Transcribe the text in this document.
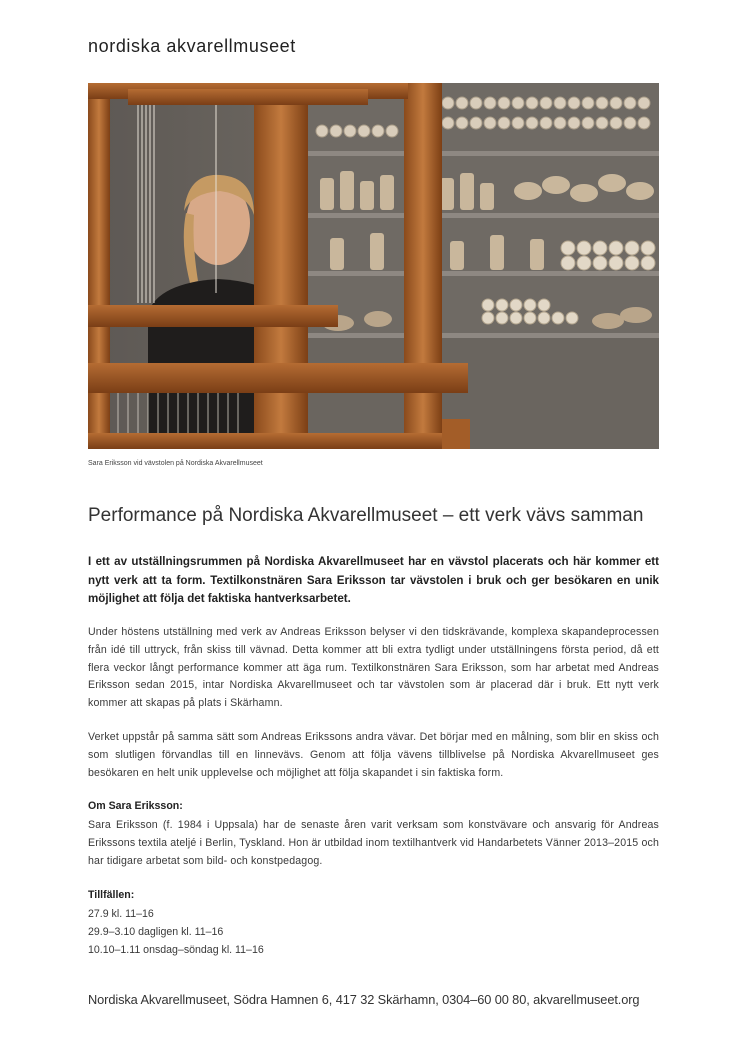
nordiska akvarellmuseet
Sara Eriksson vid vävstolen på Nordiska Akvarellmuseet
Performance på Nordiska Akvarellmuseet – ett verk vävs samman

I ett av utställningsrummen på Nordiska Akvarellmuseet har en vävstol placerats och här kommer ett nytt verk att ta form. Textilkonstnären Sara Eriksson tar vävstolen i bruk och ger besökaren en unik möjlighet att följa det faktiska hantverksarbetet.

Under höstens utställning med verk av Andreas Eriksson belyser vi den tidskrävande, komplexa skapandeprocessen från idé till uttryck, från skiss till vävnad. Detta kommer att bli extra tydligt under utställningens första period, då ett flera veckor långt performance kommer att äga rum. Textilkonstnären Sara Eriksson, som har arbetat med Andreas Eriksson sedan 2015, intar Nordiska Akvarellmuseet och tar vävstolen som är placerad där i bruk. Ett nytt verk kommer att skapas på plats i Skärhamn.

Verket uppstår på samma sätt som Andreas Erikssons andra vävar. Det börjar med en målning, som blir en skiss och som slutligen förvandlas till en linnevävs. Genom att följa vävens tillblivelse på Nordiska Akvarellmuseet ges besökaren en helt unik upplevelse och möjlighet att följa skapandet i sin faktiska form.

Om Sara Eriksson:

Sara Eriksson (f. 1984 i Uppsala) har de senaste åren varit verksam som konstvävare och ansvarig för Andreas Erikssons textila ateljé i Berlin, Tyskland. Hon är utbildad inom textilhantverk vid Handarbetets Vänner 2013–2015 och har tidigare arbetat som bild- och konstpedagog.

Tillfällen:

27.9 kl. 11–16
29.9–3.10 dagligen kl. 11–16
10.10–1.11 onsdag–söndag kl. 11–16
Nordiska Akvarellmuseet, Södra Hamnen 6, 417 32 Skärhamn, 0304–60 00 80, akvarellmuseet.org
